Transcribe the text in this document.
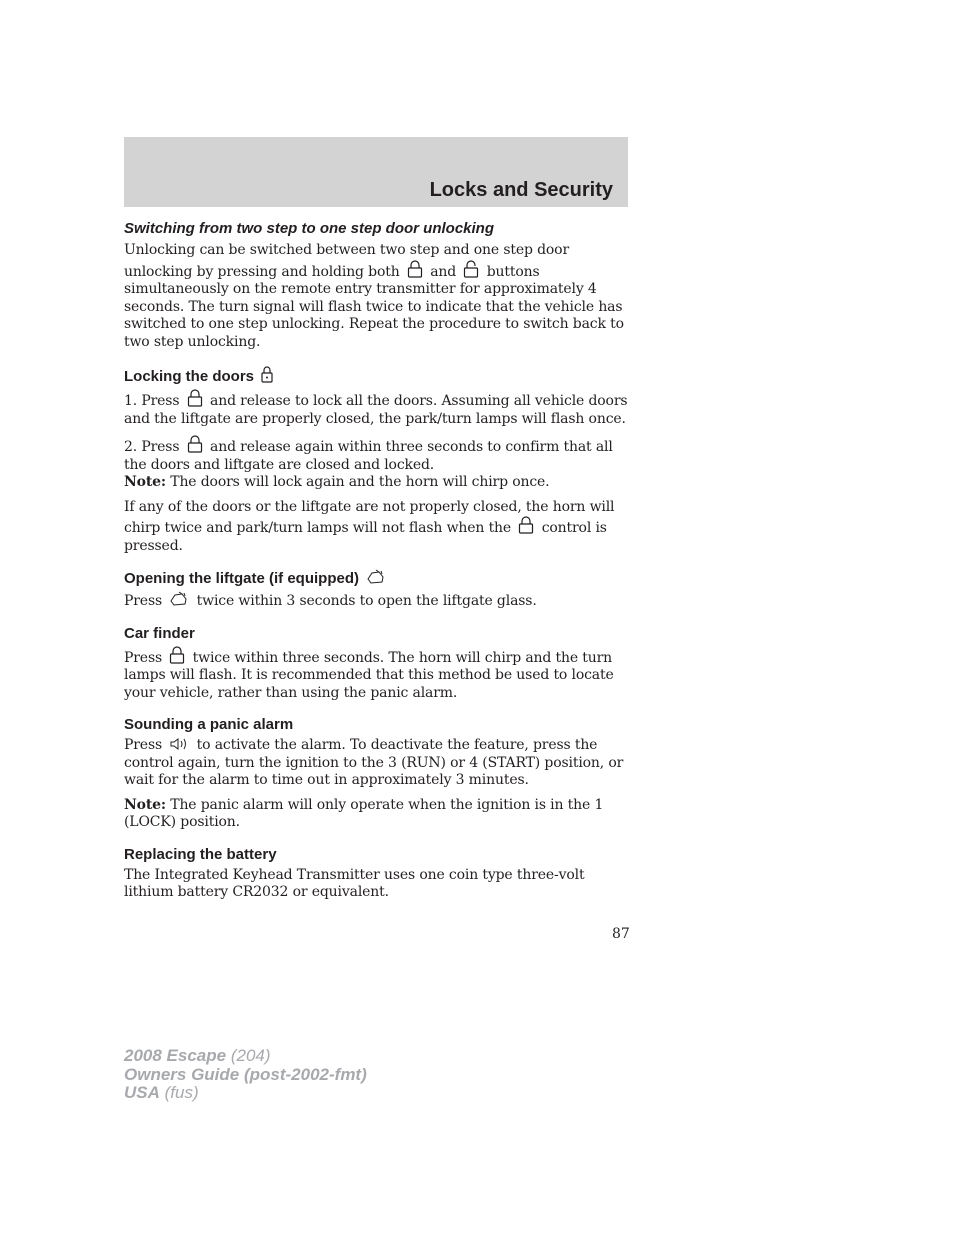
Locks and Security
Switching from two step to one step door unlocking

Unlocking can be switched between two step and one step door unlocking by pressing and holding both and buttons simultaneously on the remote entry transmitter for approximately 4 seconds. The turn signal will flash twice to indicate that the vehicle has switched to one step unlocking. Repeat the procedure to switch back to two step unlocking.

Locking the doors

1. Press and release to lock all the doors. Assuming all vehicle doors and the liftgate are properly closed, the park/turn lamps will flash once.

2. Press and release again within three seconds to confirm that all the doors and liftgate are closed and locked.

Note: The doors will lock again and the horn will chirp once.

If any of the doors or the liftgate are not properly closed, the horn will chirp twice and park/turn lamps will not flash when the control is pressed.

Opening the liftgate (if equipped)

Press twice within 3 seconds to open the liftgate glass.

Car finder

Press twice within three seconds. The horn will chirp and the turn lamps will flash. It is recommended that this method be used to locate your vehicle, rather than using the panic alarm.

Sounding a panic alarm

Press to activate the alarm. To deactivate the feature, press the control again, turn the ignition to the 3 (RUN) or 4 (START) position, or wait for the alarm to time out in approximately 3 minutes.

Note: The panic alarm will only operate when the ignition is in the 1 (LOCK) position.

Replacing the battery

The Integrated Keyhead Transmitter uses one coin type three-volt lithium battery CR2032 or equivalent.

87
2008 Escape (204)
Owners Guide (post-2002-fmt)
USA (fus)
